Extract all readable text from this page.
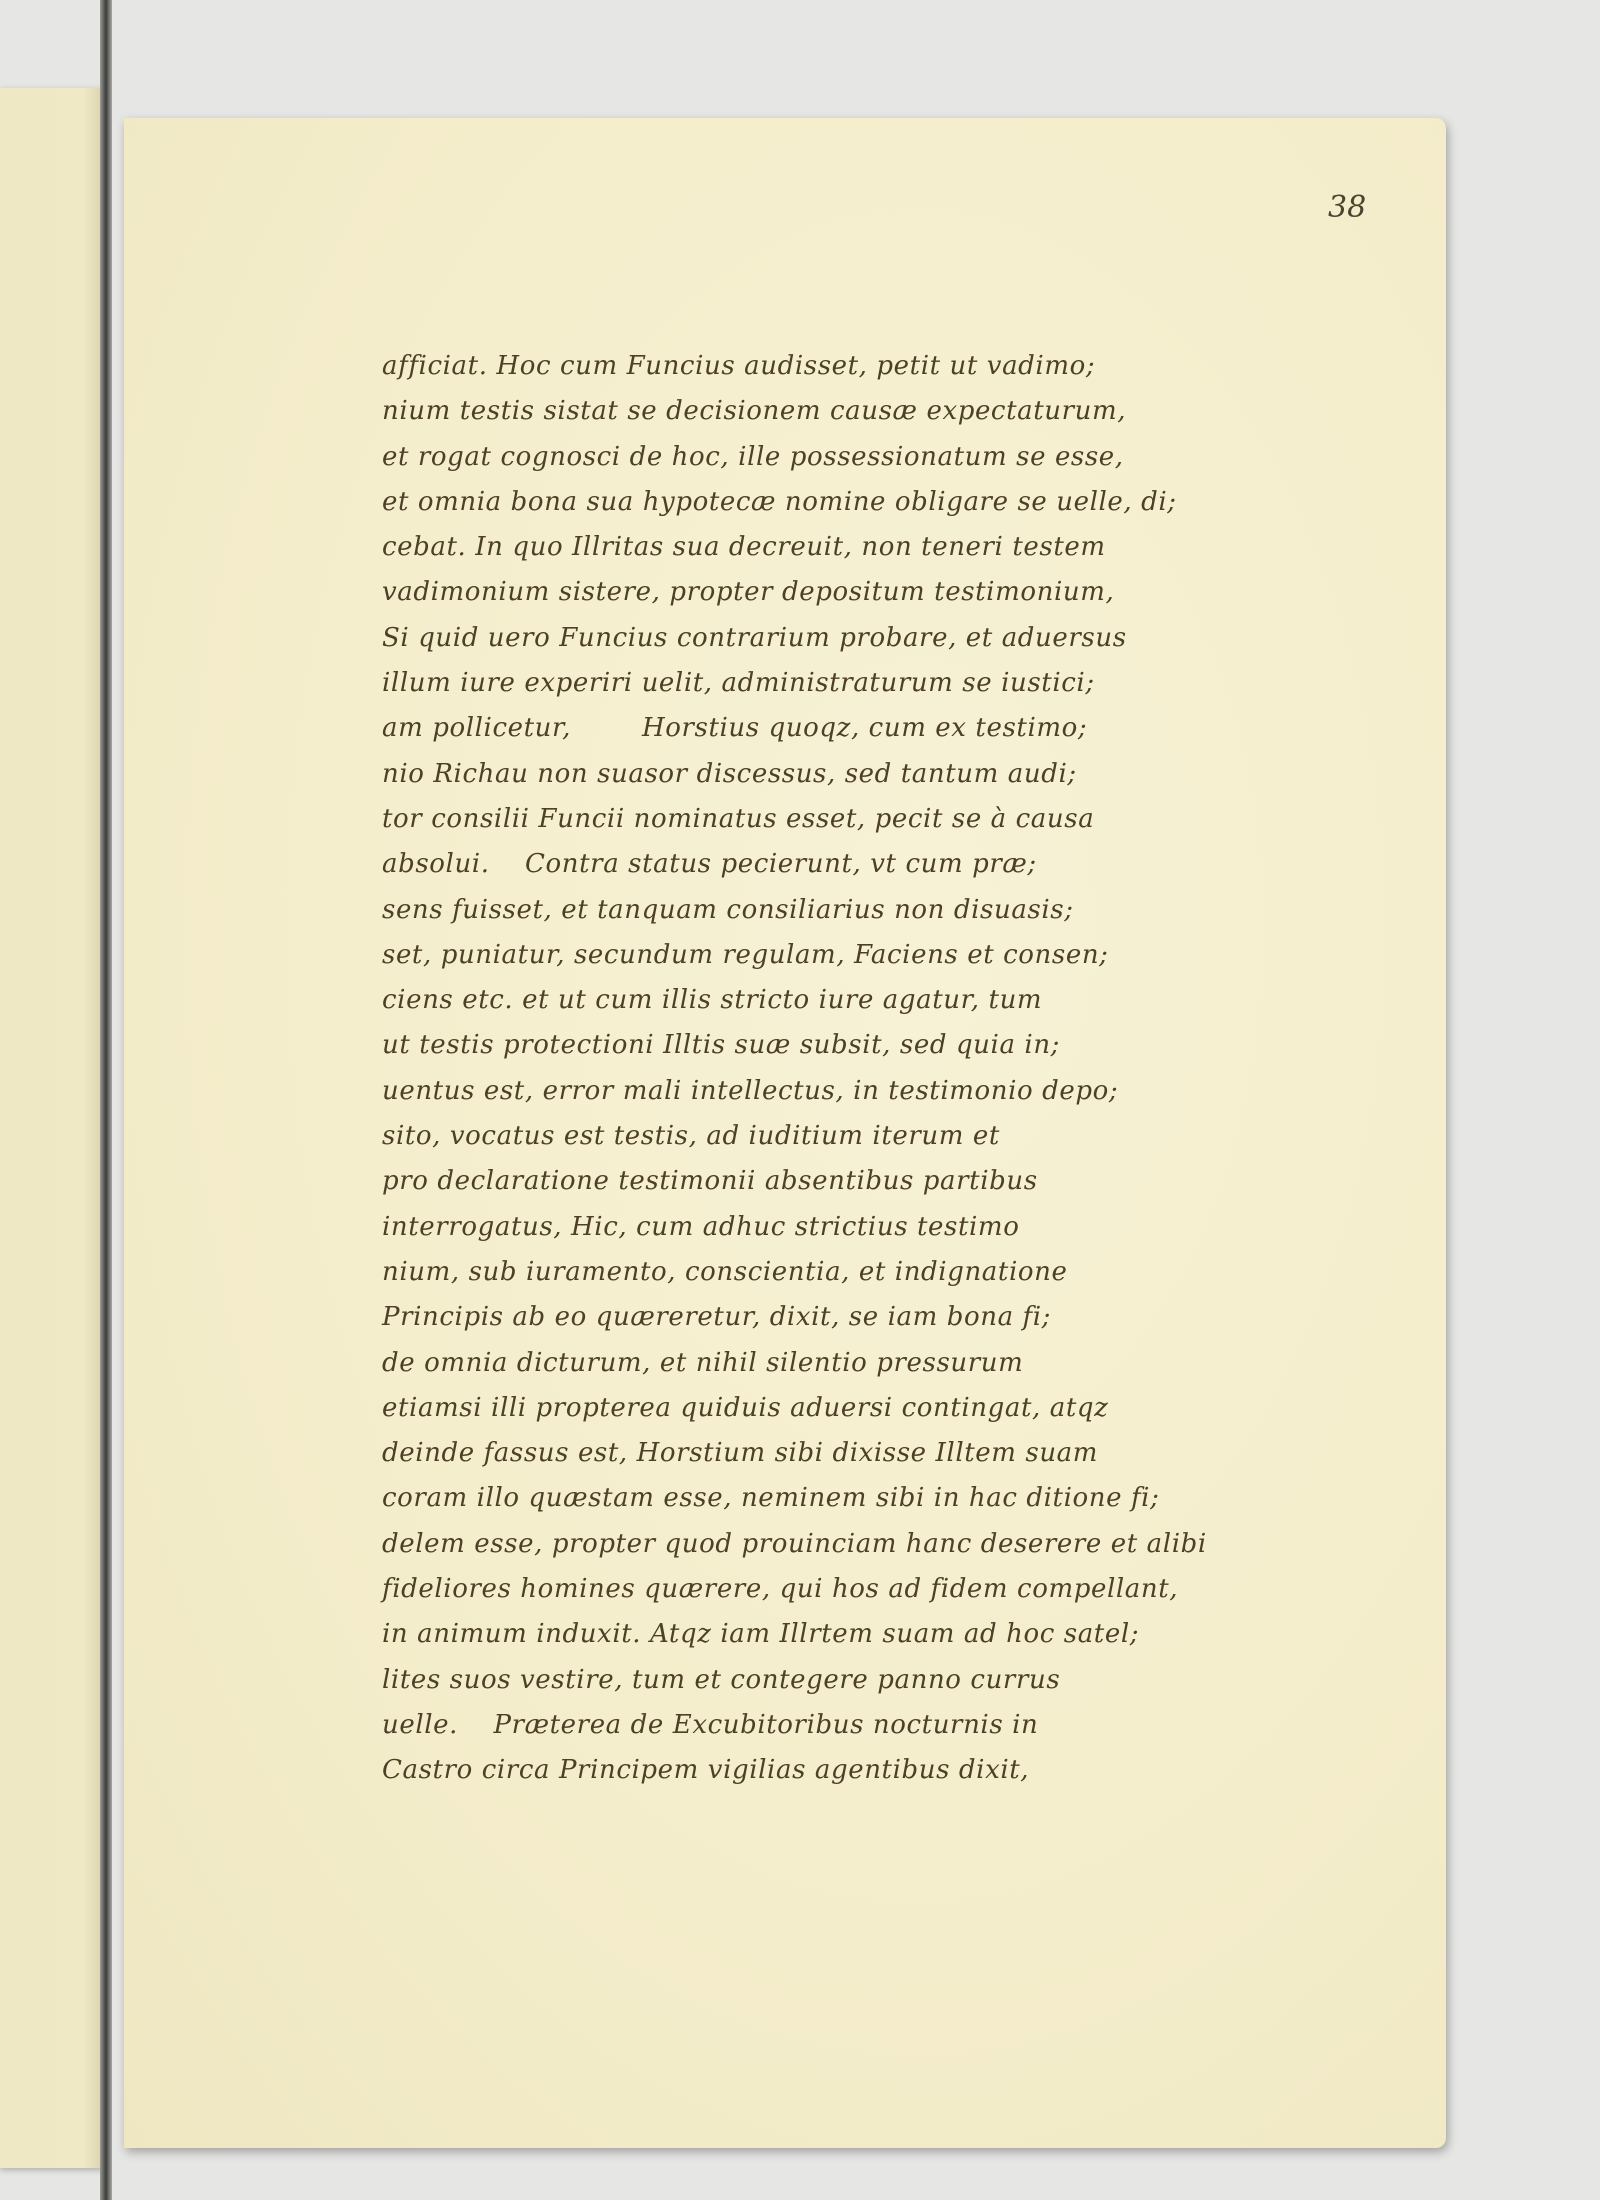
38
afficiat. Hoc cum Funcius audisset, petit ut vadimo;
nium testis sistat se decisionem causæ expectaturum,
et rogat cognosci de hoc, ille possessionatum se esse,
et omnia bona sua hypotecæ nomine obligare se uelle, di;
cebat. In quo Illritas sua decreuit, non teneri testem
vadimonium sistere, propter depositum testimonium,
Si quid uero Funcius contrarium probare, et aduersus
illum iure experiri uelit, administraturum se iustici;
am pollicetur,        Horstius quoqz, cum ex testimo;
nio Richau non suasor discessus, sed tantum audi;
tor consilii Funcii nominatus esset, pecit se à causa
absolui.    Contra status pecierunt, vt cum præ;
sens fuisset, et tanquam consiliarius non disuasis;
set, puniatur, secundum regulam, Faciens et consen;
ciens etc. et ut cum illis stricto iure agatur, tum
ut testis protectioni Illtis suæ subsit, sed quia in;
uentus est, error mali intellectus, in testimonio depo;
sito, vocatus est testis, ad iuditium iterum et
pro declaratione testimonii absentibus partibus
interrogatus, Hic, cum adhuc strictius testimo
nium, sub iuramento, conscientia, et indignatione
Principis ab eo quæreretur, dixit, se iam bona fi;
de omnia dicturum, et nihil silentio pressurum
etiamsi illi propterea quiduis aduersi contingat, atqz
deinde fassus est, Horstium sibi dixisse Illtem suam
coram illo quæstam esse, neminem sibi in hac ditione fi;
delem esse, propter quod prouinciam hanc deserere et alibi
fideliores homines quærere, qui hos ad fidem compellant,
in animum induxit. Atqz iam Illrtem suam ad hoc satel;
lites suos vestire, tum et contegere panno currus
uelle.    Præterea de Excubitoribus nocturnis in
Castro circa Principem vigilias agentibus dixit,
